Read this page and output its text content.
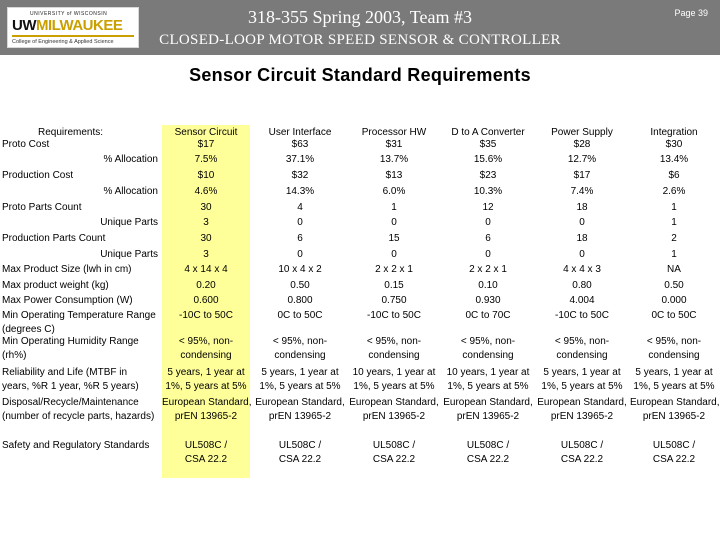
UNIVERSITY of WISCONSIN
UWMILWAUKEE
College of Engineering & Applied Science
318-355 Spring 2003, Team #3
CLOSED-LOOP MOTOR SPEED SENSOR & CONTROLLER
Page 39
Sensor Circuit Standard Requirements
Requirements:
Proto Cost
% Allocation
Production Cost
% Allocation
Proto Parts Count
Unique Parts
Production Parts Count
Unique Parts
Max Product Size (lwh in cm)
Max product weight (kg)
Max Power Consumption (W)
Min Operating Temperature Range
(degrees C)
Min Operating Humidity Range
(rh%)
Reliability and Life (MTBF in
years, %R 1 year, %R 5 years)
Disposal/Recycle/Maintenance
(number of recycle parts, hazards)
Safety and Regulatory Standards
Sensor Circuit
$17
7.5%
$10
4.6%
30
3
30
3
4 x 14 x 4
0.20
0.600
-10C to 50C
< 95%, non-
condensing
5 years, 1 year at
1%, 5 years at 5%
European Standard,
prEN 13965-2
UL508C /
CSA 22.2
User Interface
$63
37.1%
$32
14.3%
4
0
6
0
10 x 4 x 2
0.50
0.800
0C to 50C
< 95%, non-
condensing
5 years, 1 year at
1%, 5 years at 5%
European Standard,
prEN 13965-2
UL508C /
CSA 22.2
Processor HW
$31
13.7%
$13
6.0%
1
0
15
0
2 x 2 x 1
0.15
0.750
-10C to 50C
< 95%, non-
condensing
10 years, 1 year at
1%, 5 years at 5%
European Standard,
prEN 13965-2
UL508C /
CSA 22.2
D to A Converter
$35
15.6%
$23
10.3%
12
0
6
0
2 x 2 x 1
0.10
0.930
0C to 70C
< 95%, non-
condensing
10 years, 1 year at
1%, 5 years at 5%
European Standard,
prEN 13965-2
UL508C /
CSA 22.2
Power Supply
$28
12.7%
$17
7.4%
18
0
18
0
4 x 4 x 3
0.80
4.004
-10C to 50C
< 95%, non-
condensing
5 years, 1 year at
1%, 5 years at 5%
European Standard,
prEN 13965-2
UL508C /
CSA 22.2
Integration
$30
13.4%
$6
2.6%
1
1
2
1
NA
0.50
0.000
0C to 50C
< 95%, non-
condensing
5 years, 1 year at
1%, 5 years at 5%
European Standard,
prEN 13965-2
UL508C /
CSA 22.2
